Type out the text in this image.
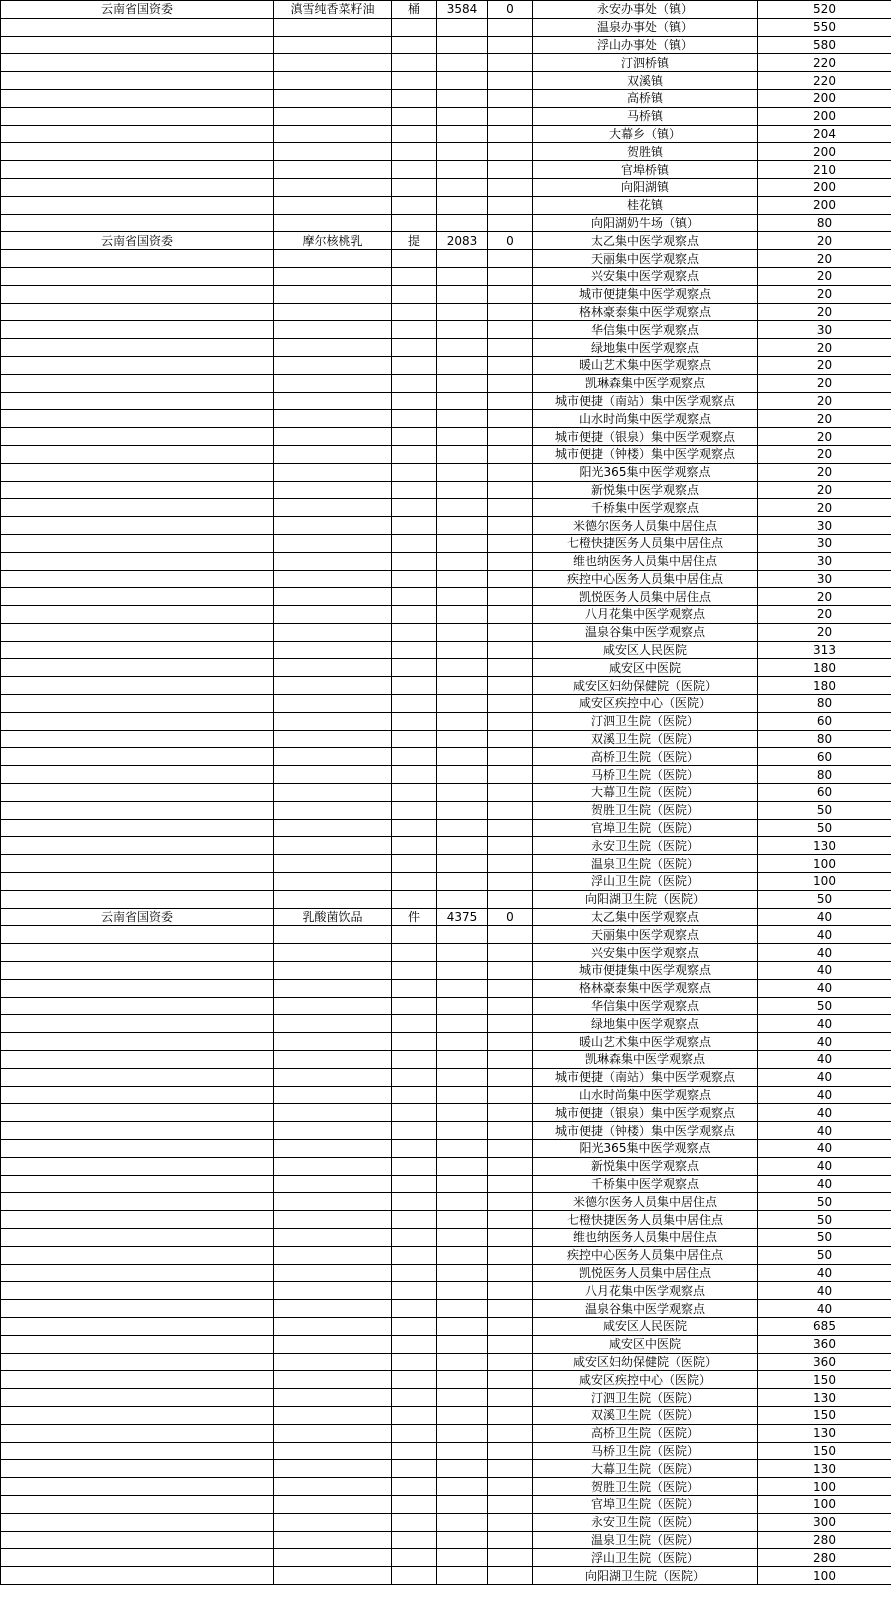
云南省国资委	滇雪纯香菜籽油	桶	3584	0	永安办事处（镇）	520
					温泉办事处（镇）	550
					浮山办事处（镇）	580
					汀泗桥镇	220
					双溪镇	220
					高桥镇	200
					马桥镇	200
					大幕乡（镇）	204
					贺胜镇	200
					官埠桥镇	210
					向阳湖镇	200
					桂花镇	200
					向阳湖奶牛场（镇）	80
云南省国资委	摩尔核桃乳	提	2083	0	太乙集中医学观察点	20
					天丽集中医学观察点	20
					兴安集中医学观察点	20
					城市便捷集中医学观察点	20
					格林豪泰集中医学观察点	20
					华信集中医学观察点	30
					绿地集中医学观察点	20
					暖山艺术集中医学观察点	20
					凯琳森集中医学观察点	20
					城市便捷（南站）集中医学观察点	20
					山水时尚集中医学观察点	20
					城市便捷（银泉）集中医学观察点	20
					城市便捷（钟楼）集中医学观察点	20
					阳光365集中医学观察点	20
					新悦集中医学观察点	20
					千桥集中医学观察点	20
					米德尔医务人员集中居住点	30
					七橙快捷医务人员集中居住点	30
					维也纳医务人员集中居住点	30
					疾控中心医务人员集中居住点	30
					凯悦医务人员集中居住点	20
					八月花集中医学观察点	20
					温泉谷集中医学观察点	20
					咸安区人民医院	313
					咸安区中医院	180
					咸安区妇幼保健院（医院）	180
					咸安区疾控中心（医院）	80
					汀泗卫生院（医院）	60
					双溪卫生院（医院）	80
					高桥卫生院（医院）	60
					马桥卫生院（医院）	80
					大幕卫生院（医院）	60
					贺胜卫生院（医院）	50
					官埠卫生院（医院）	50
					永安卫生院（医院）	130
					温泉卫生院（医院）	100
					浮山卫生院（医院）	100
					向阳湖卫生院（医院）	50
云南省国资委	乳酸菌饮品	件	4375	0	太乙集中医学观察点	40
					天丽集中医学观察点	40
					兴安集中医学观察点	40
					城市便捷集中医学观察点	40
					格林豪泰集中医学观察点	40
					华信集中医学观察点	50
					绿地集中医学观察点	40
					暖山艺术集中医学观察点	40
					凯琳森集中医学观察点	40
					城市便捷（南站）集中医学观察点	40
					山水时尚集中医学观察点	40
					城市便捷（银泉）集中医学观察点	40
					城市便捷（钟楼）集中医学观察点	40
					阳光365集中医学观察点	40
					新悦集中医学观察点	40
					千桥集中医学观察点	40
					米德尔医务人员集中居住点	50
					七橙快捷医务人员集中居住点	50
					维也纳医务人员集中居住点	50
					疾控中心医务人员集中居住点	50
					凯悦医务人员集中居住点	40
					八月花集中医学观察点	40
					温泉谷集中医学观察点	40
					咸安区人民医院	685
					咸安区中医院	360
					咸安区妇幼保健院（医院）	360
					咸安区疾控中心（医院）	150
					汀泗卫生院（医院）	130
					双溪卫生院（医院）	150
					高桥卫生院（医院）	130
					马桥卫生院（医院）	150
					大幕卫生院（医院）	130
					贺胜卫生院（医院）	100
					官埠卫生院（医院）	100
					永安卫生院（医院）	300
					温泉卫生院（医院）	280
					浮山卫生院（医院）	280
					向阳湖卫生院（医院）	100
